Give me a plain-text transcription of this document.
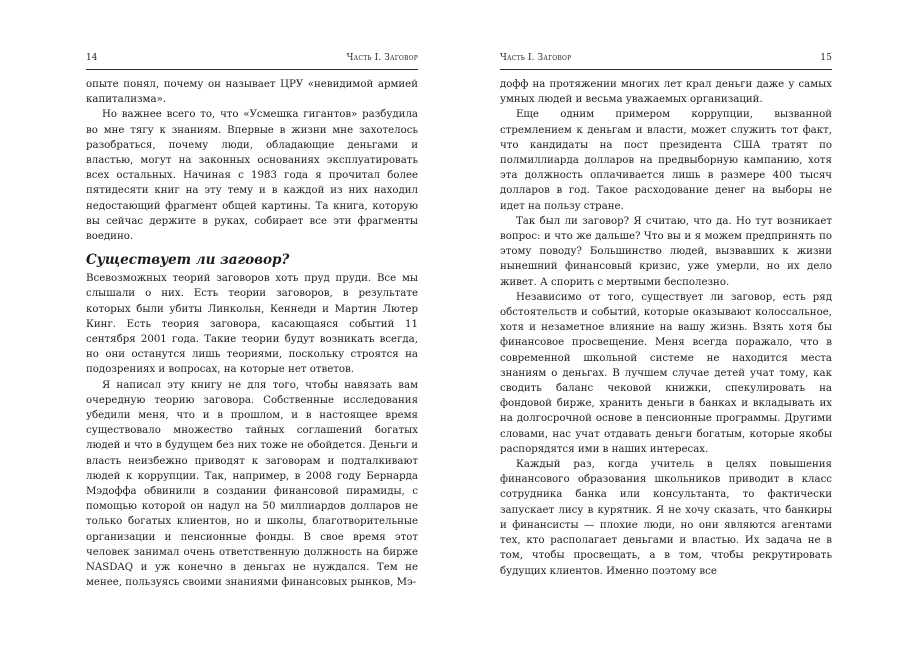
14	Часть I. Заговор

опыте понял, почему он называет ЦРУ «невидимой армией капитализма».

Но важнее всего то, что «Усмешка гигантов» разбудила во мне тягу к знаниям. Впервые в жизни мне захотелось разобраться, почему люди, обладающие деньгами и властью, могут на законных основаниях эксплуатировать всех остальных. Начиная с 1983 года я прочитал более пятидесяти книг на эту тему и в каждой из них находил недостающий фрагмент общей картины. Та книга, которую вы сейчас держите в руках, собирает все эти фрагменты воедино.

Существует ли заговор?

Всевозможных теорий заговоров хоть пруд пруди. Все мы слышали о них. Есть теории заговоров, в результате которых были убиты Линкольн, Кеннеди и Мартин Лютер Кинг. Есть теория заговора, касающаяся событий 11 сентября 2001 года. Такие теории будут возникать всегда, но они останутся лишь теориями, поскольку строятся на подозрениях и вопросах, на которые нет ответов.

Я написал эту книгу не для того, чтобы навязать вам очередную теорию заговора. Собственные исследования убедили меня, что и в прошлом, и в настоящее время существовало множество тайных соглашений богатых людей и что в будущем без них тоже не обойдется. Деньги и власть неизбежно приводят к заговорам и подталкивают людей к коррупции. Так, например, в 2008 году Бернарда Мэдоффа обвинили в создании финансовой пирамиды, с помощью которой он надул на 50 миллиардов долларов не только богатых клиентов, но и школы, благотворительные организации и пенсионные фонды. В свое время этот человек занимал очень ответственную должность на бирже NASDAQ и уж конечно в деньгах не нуждался. Тем не менее, пользуясь своими знаниями финансовых рынков, Мэ-

Часть I. Заговор	15

дофф на протяжении многих лет крал деньги даже у самых умных людей и весьма уважаемых организаций.

Еще одним примером коррупции, вызванной стремлением к деньгам и власти, может служить тот факт, что кандидаты на пост президента США тратят по полмиллиарда долларов на предвыборную кампанию, хотя эта должность оплачивается лишь в размере 400 тысяч долларов в год. Такое расходование денег на выборы не идет на пользу стране.

Так был ли заговор? Я считаю, что да. Но тут возникает вопрос: и что же дальше? Что вы и я можем предпринять по этому поводу? Большинство людей, вызвавших к жизни нынешний финансовый кризис, уже умерли, но их дело живет. А спорить с мертвыми бесполезно.

Независимо от того, существует ли заговор, есть ряд обстоятельств и событий, которые оказывают колоссальное, хотя и незаметное влияние на вашу жизнь. Взять хотя бы финансовое просвещение. Меня всегда поражало, что в современной школьной системе не находится места знаниям о деньгах. В лучшем случае детей учат тому, как сводить баланс чековой книжки, спекулировать на фондовой бирже, хранить деньги в банках и вкладывать их на долгосрочной основе в пенсионные программы. Другими словами, нас учат отдавать деньги богатым, которые якобы распорядятся ими в наших интересах.

Каждый раз, когда учитель в целях повышения финансового образования школьников приводит в класс сотрудника банка или консультанта, то фактически запускает лису в курятник. Я не хочу сказать, что банкиры и финансисты — плохие люди, но они являются агентами тех, кто располагает деньгами и властью. Их задача не в том, чтобы просвещать, а в том, чтобы рекрутировать будущих клиентов. Именно поэтому все
